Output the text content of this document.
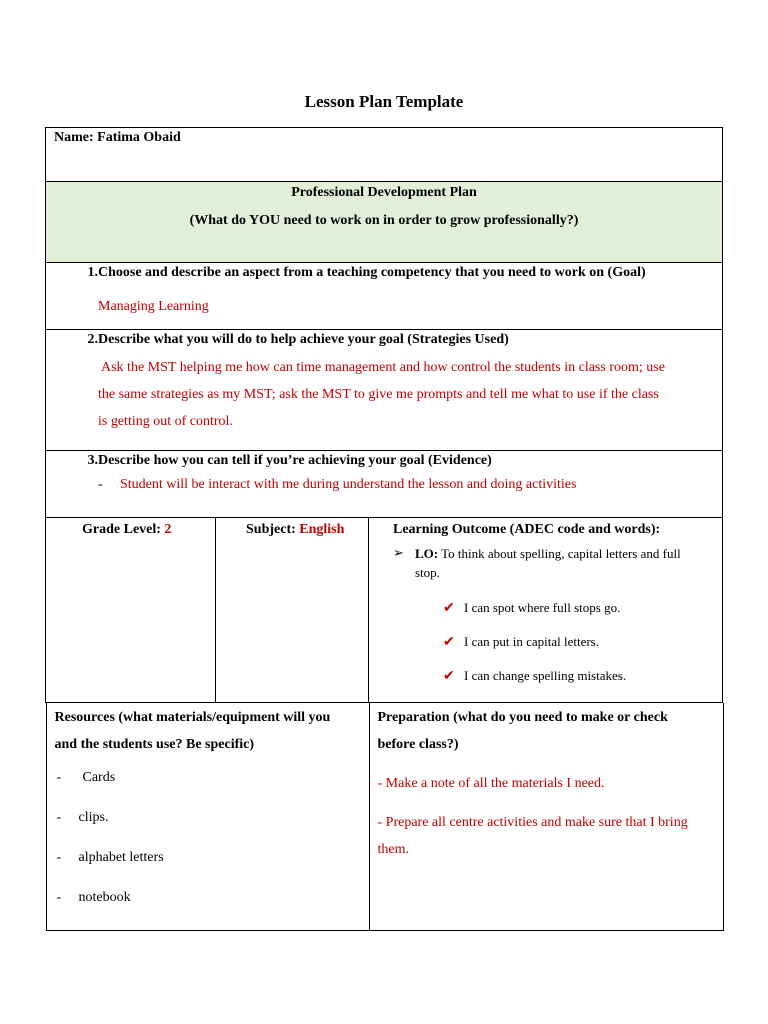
Lesson Plan Template
Name: Fatima Obaid

Professional Development Plan
(What do YOU need to work on in order to grow professionally?)

1. Choose and describe an aspect from a teaching competency that you need to work on (Goal)
Managing Learning

2. Describe what you will do to help achieve your goal (Strategies Used)
Ask the MST helping me how can time management and how control the students in class room; use
the same strategies as my MST; ask the MST to give me prompts and tell me what to use if the class
is getting out of control.

3. Describe how you can tell if you’re achieving your goal (Evidence)
- Student will be interact with me during understand the lesson and doing activities

Grade Level: 2	Subject: English	Learning Outcome (ADEC code and words):
➢ LO: To think about spelling, capital letters and full
stop.
✔ I can spot where full stops go.
✔ I can put in capital letters.
✔ I can change spelling mistakes.

Resources (what materials/equipment will you
and the students use? Be specific)
- Cards
- clips.
- alphabet letters
- notebook

Preparation (what do you need to make or check
before class?)
- Make a note of all the materials I need.
- Prepare all centre activities and make sure that I bring
them.
